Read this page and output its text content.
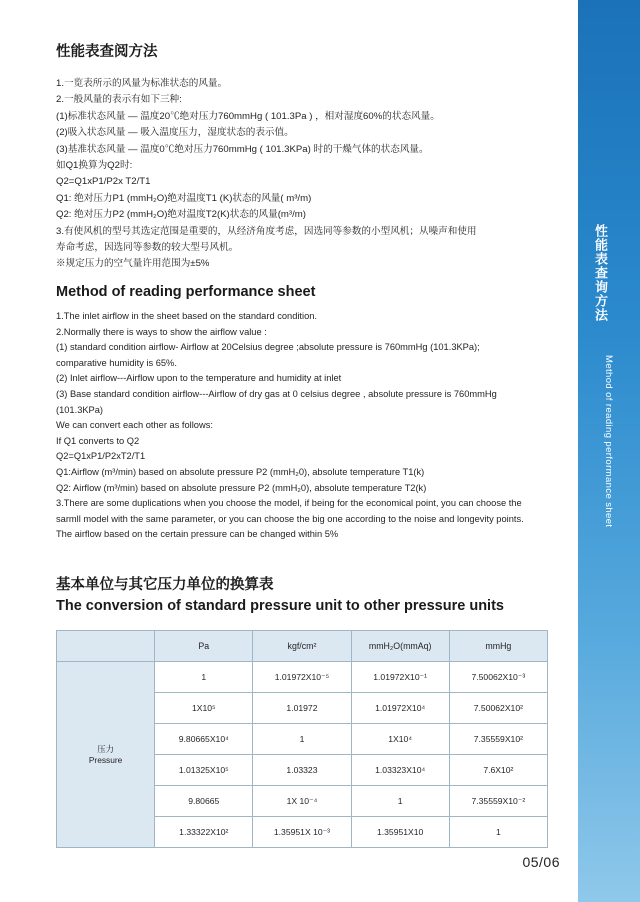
性能表查询方法
Method of reading performance sheet
性能表查阅方法

1.一览表所示的风量为标准状态的风量。

2.一般风量的表示有如下三种:

(1)标准状态风量 — 温度20℃绝对压力760mmHg ( 101.3Pa ) ，相对湿度60%的状态风量。

(2)吸入状态风量 — 吸入温度压力，湿度状态的表示值。

(3)基准状态风量 — 温度0℃绝对压力760mmHg ( 101.3KPa) 时的干燥气体的状态风量。

如Q1换算为Q2时:

Q2=Q1xP1/P2x T2/T1

Q1: 绝对压力P1 (mmH₂O)绝对温度T1 (K)状态的风量( m³/m)

Q2: 绝对压力P2 (mmH₂O)绝对温度T2(K)状态的风量(m³/m)

3.有使风机的型号其选定范围是重要的，从经济角度考虑，因选同等参数的小型风机；从噪声和使用

寿命考虑，因选同等参数的较大型号风机。

※规定压力的空气量许用范围为±5%

Method of reading performance sheet

1.The inlet airflow in the sheet based on the standard condition.

2.Normally there is ways to show the airflow value :

(1) standard condition airflow- Airflow at 20Celsius degree ;absolute pressure is 760mmHg (101.3KPa);

comparative humidity is 65%.

(2) Inlet airflow---Airflow upon to the temperature and humidity at inlet

(3) Base standard condition airflow---Airflow of dry gas at 0 celsius degree , absolute pressure is 760mmHg (101.3KPa)

We can convert each other as follows:

If Q1 converts to Q2

Q2=Q1xP1/P2xT2/T1

Q1:Airflow (m³/min) based on absolute pressure P2 (mmH₂0), absolute temperature T1(k)

Q2: Airflow (m³/min) based on absolute pressure P2 (mmH₂0), absolute temperature T2(k)

3.There are some duplications when you choose the model, if being for the economical point, you can choose the

sarmll model with the same parameter, or you can choose the big one according to the noise and longevity points.

The airflow based on the certain pressure can be changed within 5%

基本单位与其它压力单位的换算表
The conversion of standard pressure unit to other pressure units
	Pa	kgf/cm²	mmH₂O(mmAq)	mmHg

压力
Pressure	1	1.01972X10⁻⁵	1.01972X10⁻¹	7.50062X10⁻³
	1X10⁵	1.01972	1.01972X10⁴	7.50062X10²
	9.80665X10⁴	1	1X10⁴	7.35559X10²
	1.01325X10⁵	1.03323	1.03323X10⁴	7.6X10²
	9.80665	1X 10⁻⁴	1	7.35559X10⁻²
	1.33322X10²	1.35951X 10⁻³	1.35951X10	1
05/06
